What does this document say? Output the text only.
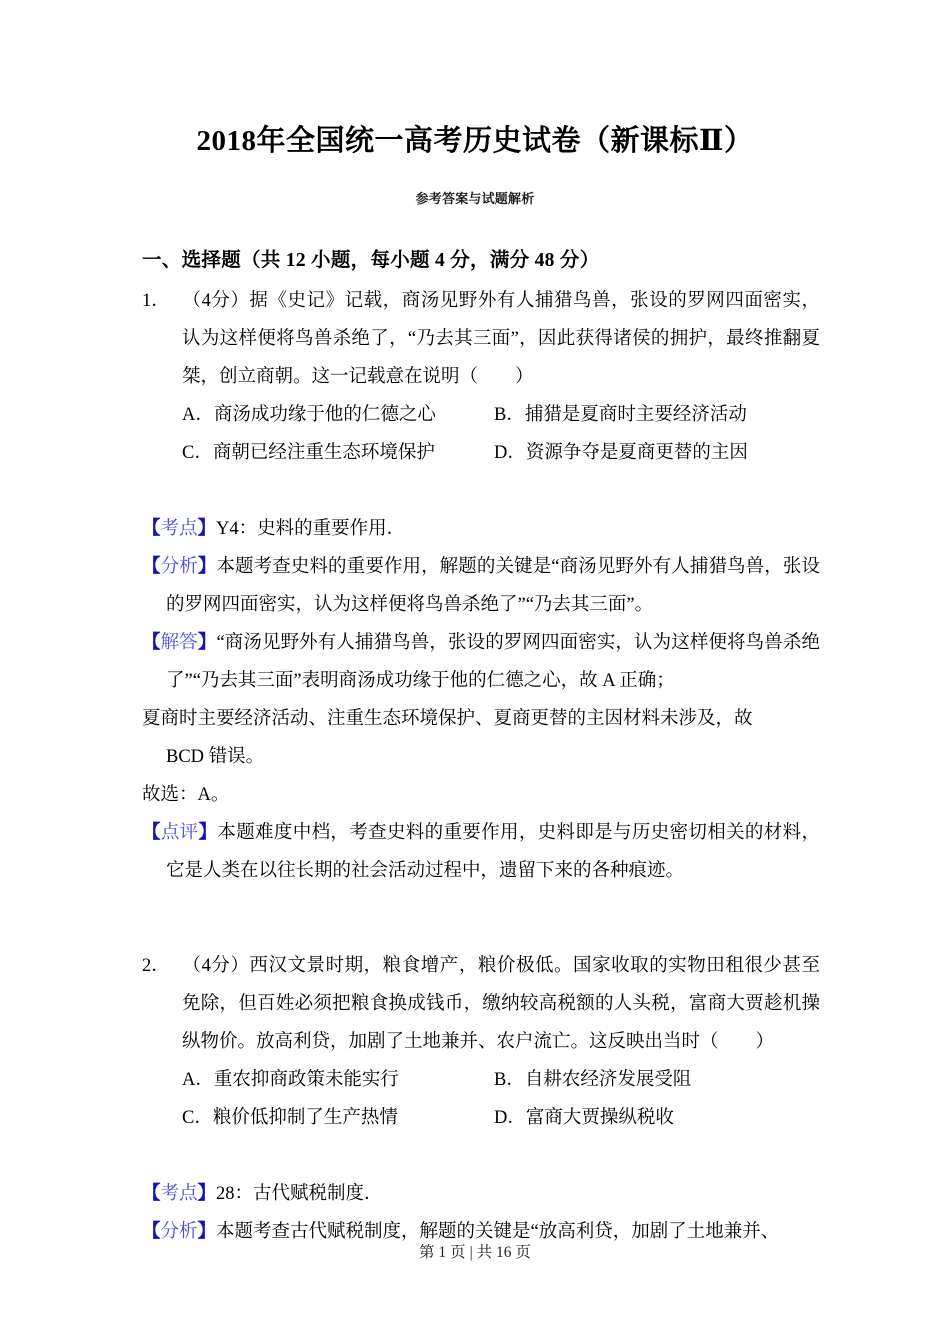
2018年全国统一高考历史试卷（新课标Ⅱ）
参考答案与试题解析
一、选择题（共 12 小题，每小题 4 分，满分 48 分）

1． （4分）据《史记》记载，商汤见野外有人捕猎鸟兽，张设的罗网四面密实，认为这样便将鸟兽杀绝了，“乃去其三面”，因此获得诸侯的拥护，最终推翻夏桀，创立商朝。这一记载意在说明（　　）

A．商汤成功缘于他的仁德之心	B．捕猎是夏商时主要经济活动
C．商朝已经注重生态环境保护	D．资源争夺是夏商更替的主因

【考点】Y4：史料的重要作用．

【分析】本题考查史料的重要作用，解题的关键是“商汤见野外有人捕猎鸟兽，张设的罗网四面密实，认为这样便将鸟兽杀绝了”“乃去其三面”。

【解答】“商汤见野外有人捕猎鸟兽，张设的罗网四面密实，认为这样便将鸟兽杀绝了”“乃去其三面”表明商汤成功缘于他的仁德之心，故 A 正确；

夏商时主要经济活动、注重生态环境保护、夏商更替的主因材料未涉及，故

BCD 错误。

故选：A。

【点评】本题难度中档，考查史料的重要作用，史料即是与历史密切相关的材料，它是人类在以往长期的社会活动过程中，遗留下来的各种痕迹。

2． （4分）西汉文景时期，粮食增产，粮价极低。国家收取的实物田租很少甚至免除，但百姓必须把粮食换成钱币，缴纳较高税额的人头税，富商大贾趁机操纵物价。放高利贷，加剧了土地兼并、农户流亡。这反映出当时（　　）

A．重农抑商政策未能实行	B．自耕农经济发展受阻
C．粮价低抑制了生产热情	D．富商大贾操纵税收

【考点】28：古代赋税制度．

【分析】本题考查古代赋税制度，解题的关键是“放高利贷，加剧了土地兼并、

第 1 页 | 共 16 页
